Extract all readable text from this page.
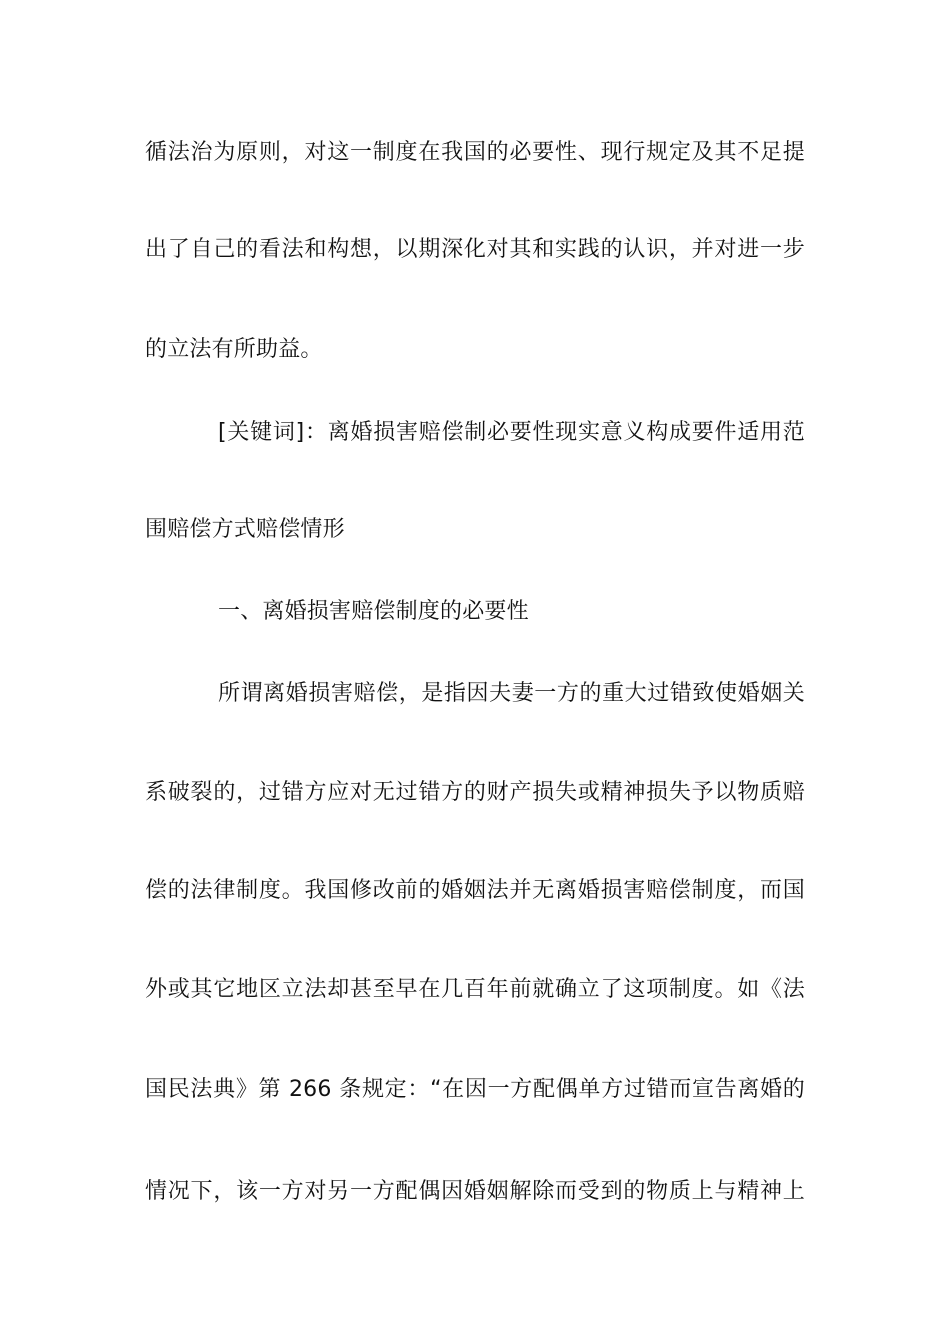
循法治为原则，对这一制度在我国的必要性、现行规定及其不足提
出了自己的看法和构想，以期深化对其和实践的认识，并对进一步
的立法有所助益。
[关键词]：离婚损害赔偿制必要性现实意义构成要件适用范
围赔偿方式赔偿情形
一、离婚损害赔偿制度的必要性
所谓离婚损害赔偿，是指因夫妻一方的重大过错致使婚姻关
系破裂的，过错方应对无过错方的财产损失或精神损失予以物质赔
偿的法律制度。我国修改前的婚姻法并无离婚损害赔偿制度，而国
外或其它地区立法却甚至早在几百年前就确立了这项制度。如《法
国民法典》第 266 条规定：“在因一方配偶单方过错而宣告离婚的
情况下，该一方对另一方配偶因婚姻解除而受到的物质上与精神上
